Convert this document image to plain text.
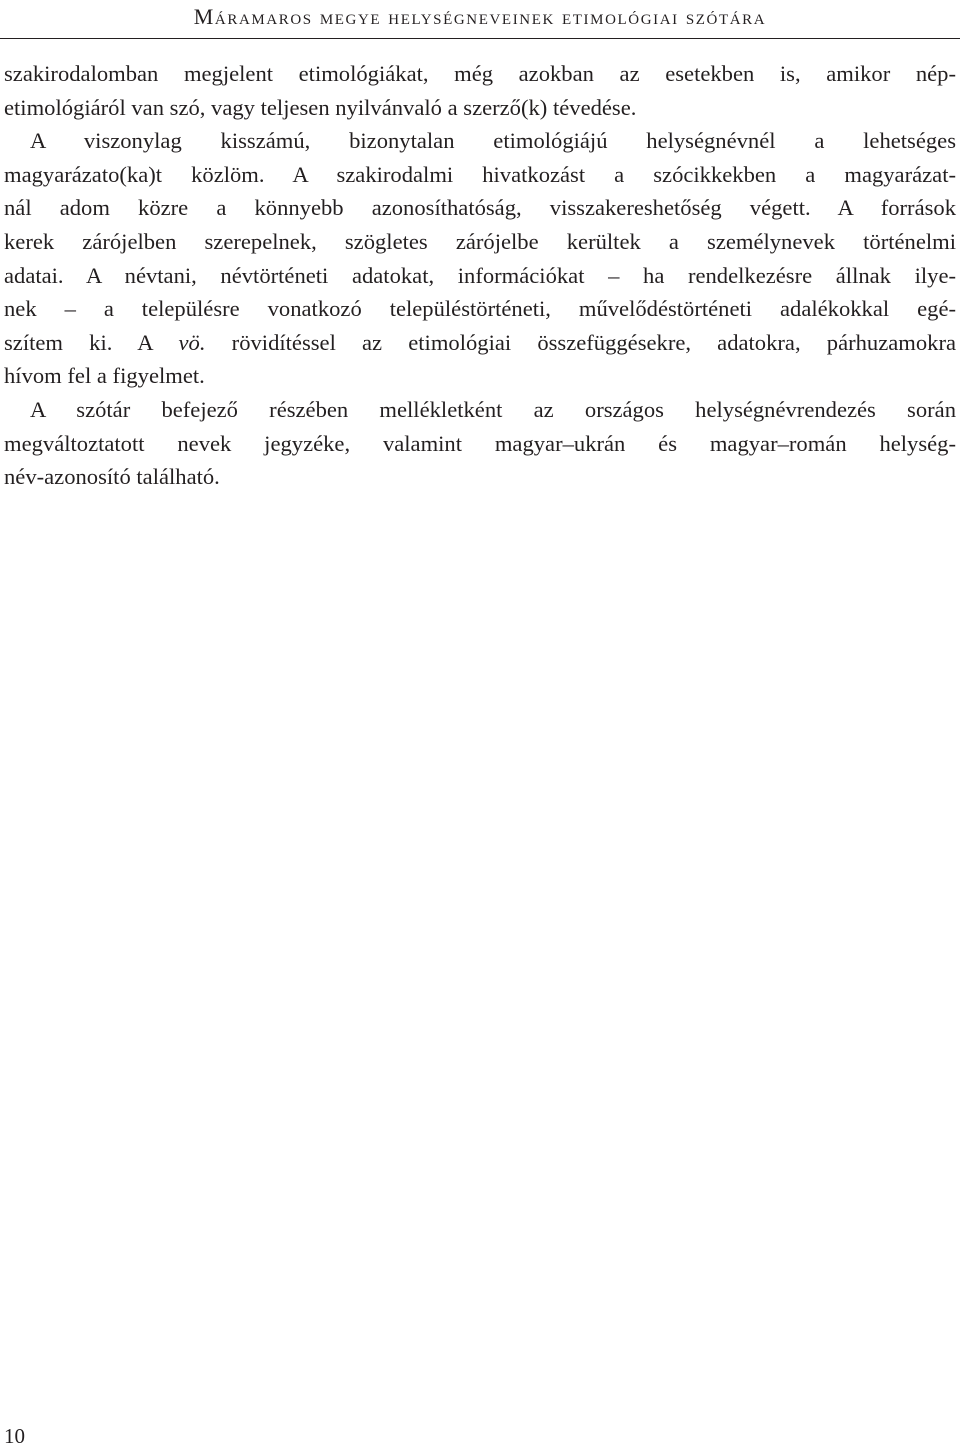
Máramaros megye helységneveinek etimológiai szótára
szakirodalomban megjelent etimológiákat, még azokban az esetekben is, amikor nép-
etimológiáról van szó, vagy teljesen nyilvánvaló a szerző(k) tévedése.
A viszonylag kisszámú, bizonytalan etimológiájú helységnévnél a lehetséges
magyarázato(ka)t közlöm. A szakirodalmi hivatkozást a szócikkekben a magyarázat-
nál adom közre a könnyebb azonosíthatóság, visszakereshetőség végett. A források
kerek zárójelben szerepelnek, szögletes zárójelbe kerültek a személynevek történelmi
adatai. A névtani, névtörténeti adatokat, információkat – ha rendelkezésre állnak ilye-
nek – a településre vonatkozó településtörténeti, művelődéstörténeti adalékokkal egé-
szítem ki. A vö. rövidítéssel az etimológiai összefüggésekre, adatokra, párhuzamokra
hívom fel a figyelmet.
A szótár befejező részében mellékletként az országos helységnévrendezés során
megváltoztatott nevek jegyzéke, valamint magyar–ukrán és magyar–román helység-
név-azonosító található.
10
